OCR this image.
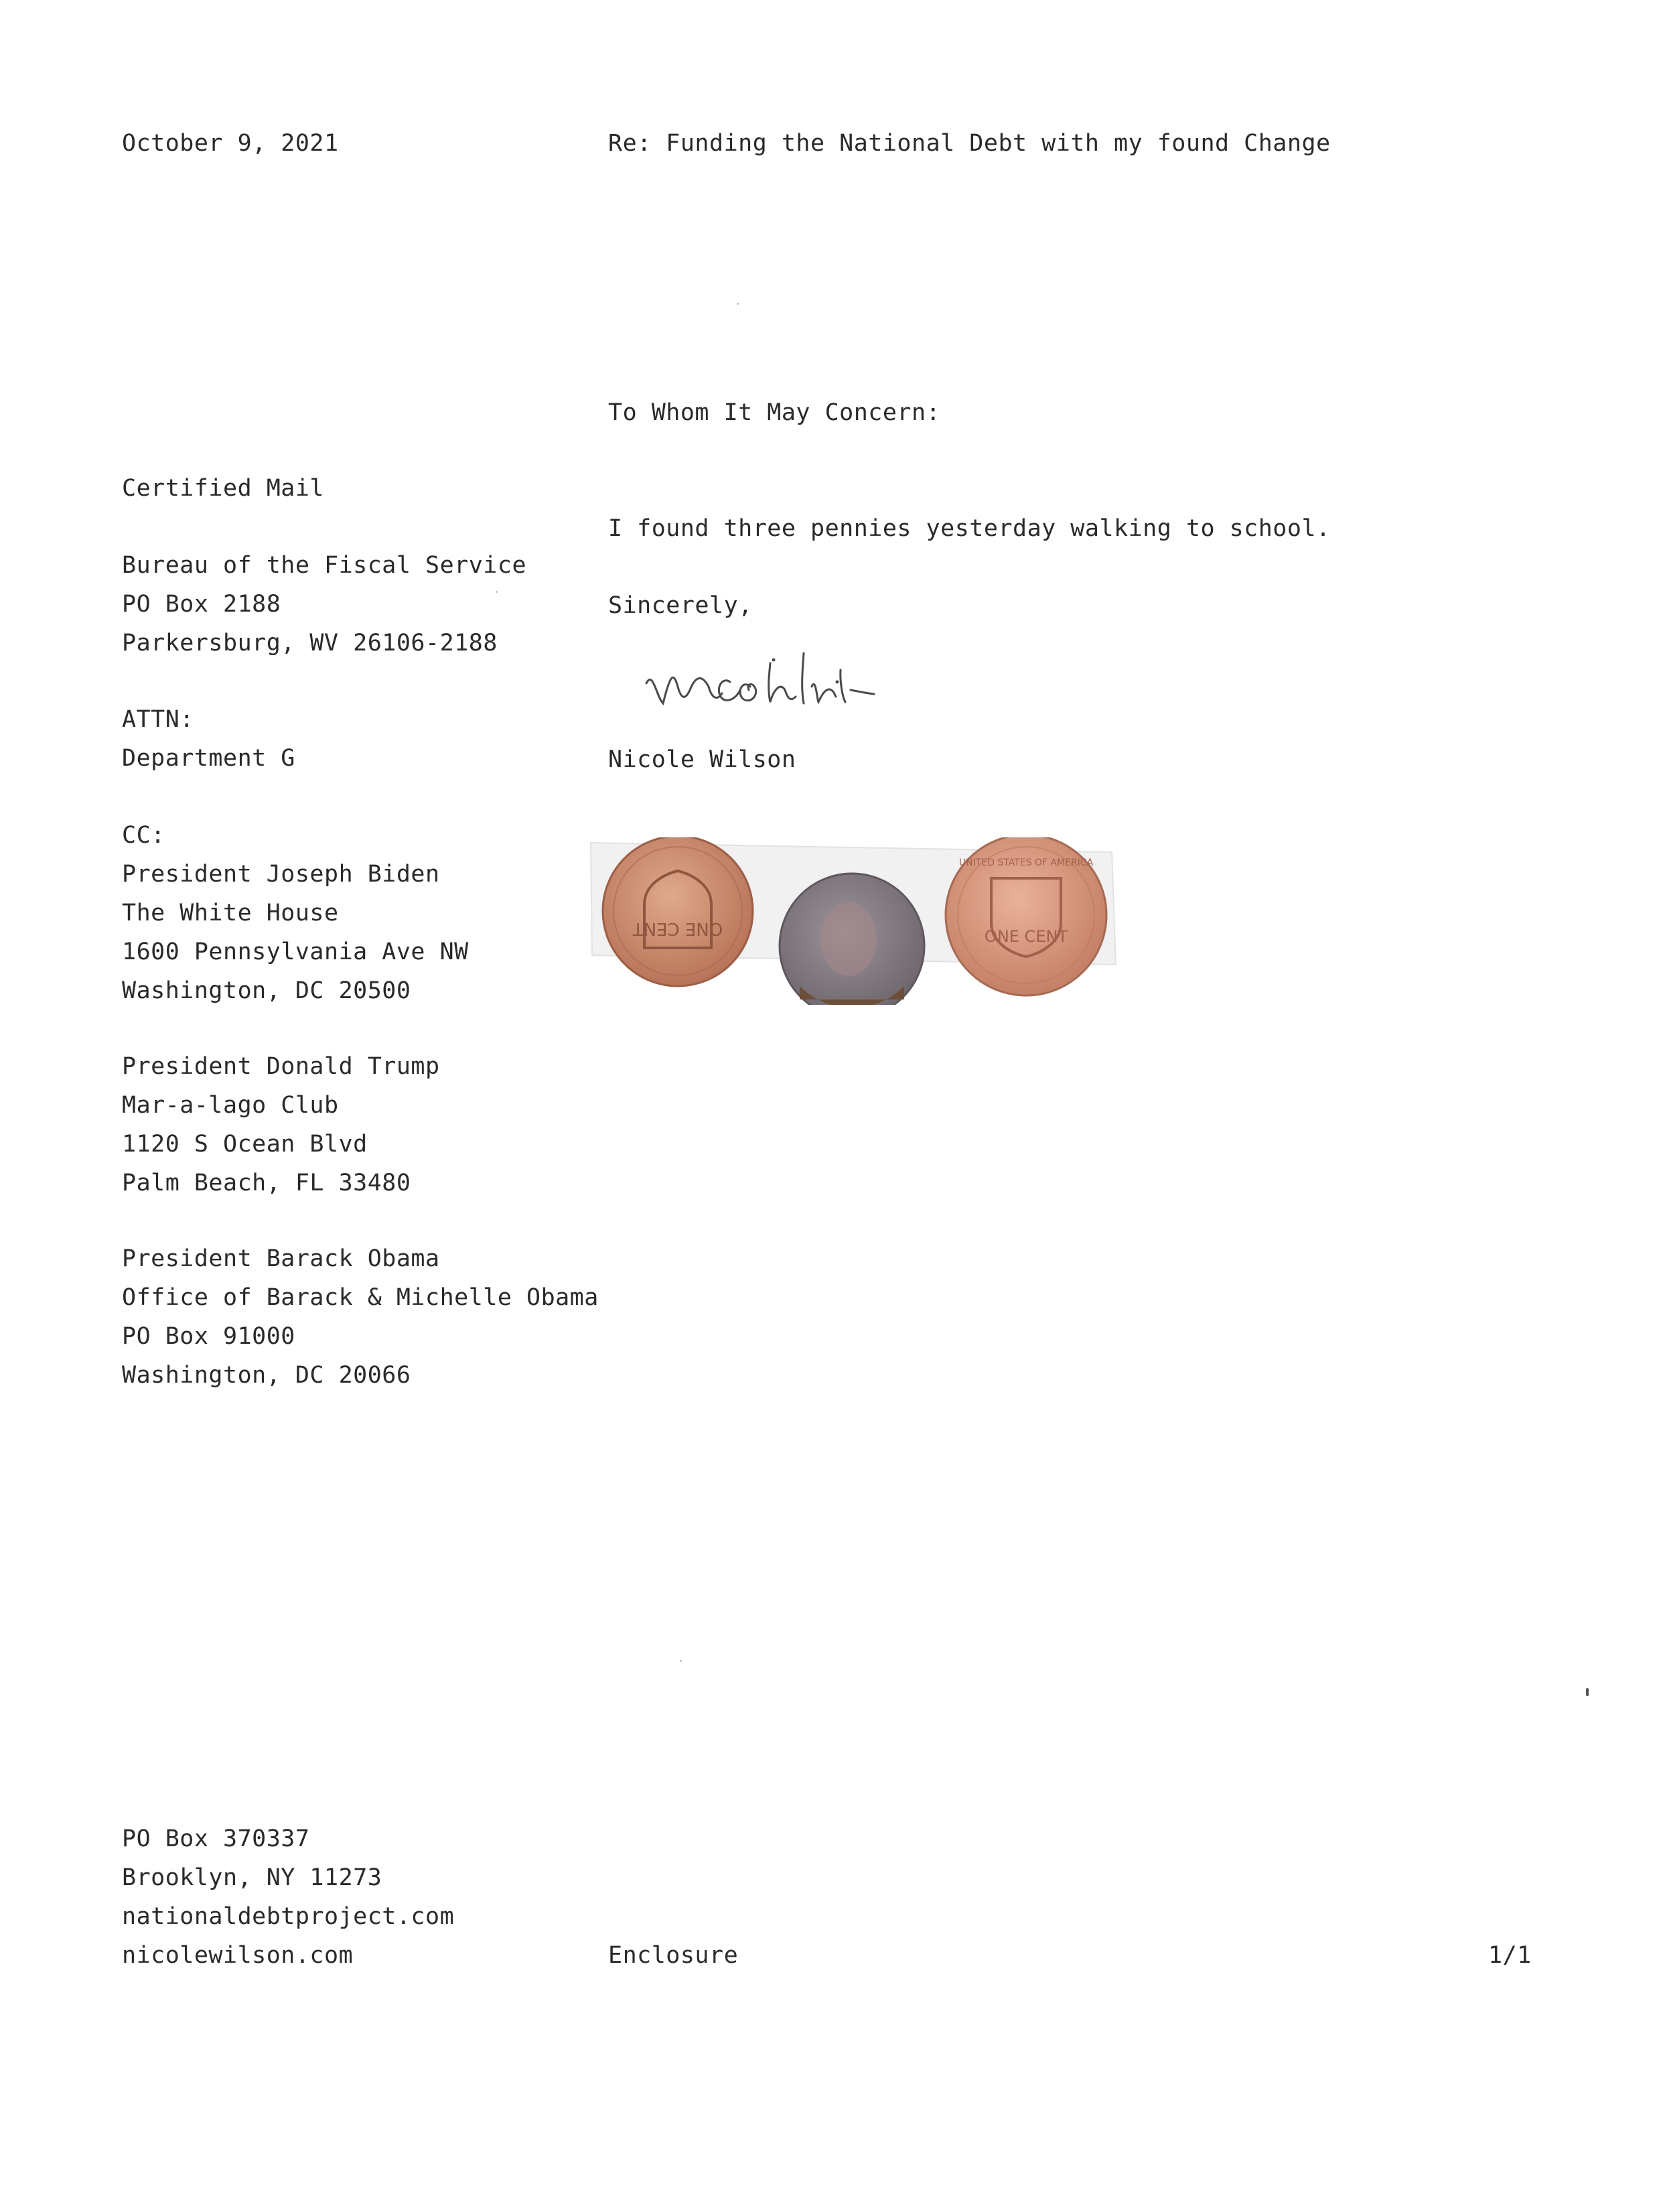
October 9, 2021	Re: Funding the National Debt with my found Change
To Whom It May Concern:
Certified Mail
Bureau of the Fiscal Service
PO Box 2188
Parkersburg, WV 26106-2188
ATTN:
Department G
CC:
President Joseph Biden
The White House
1600 Pennsylvania Ave NW
Washington, DC 20500
President Donald Trump
Mar-a-lago Club
1120 S Ocean Blvd
Palm Beach, FL 33480
President Barack Obama
Office of Barack & Michelle Obama
PO Box 91000
Washington, DC 20066
I found three pennies yesterday walking to school.
Sincerely,
Nicole Wilson
ONE CENT	ONE CENT
UNITED STATES OF AMERICA
PO Box 370337
Brooklyn, NY 11273
nationaldebtproject.com
nicolewilson.com	Enclosure	1/1
